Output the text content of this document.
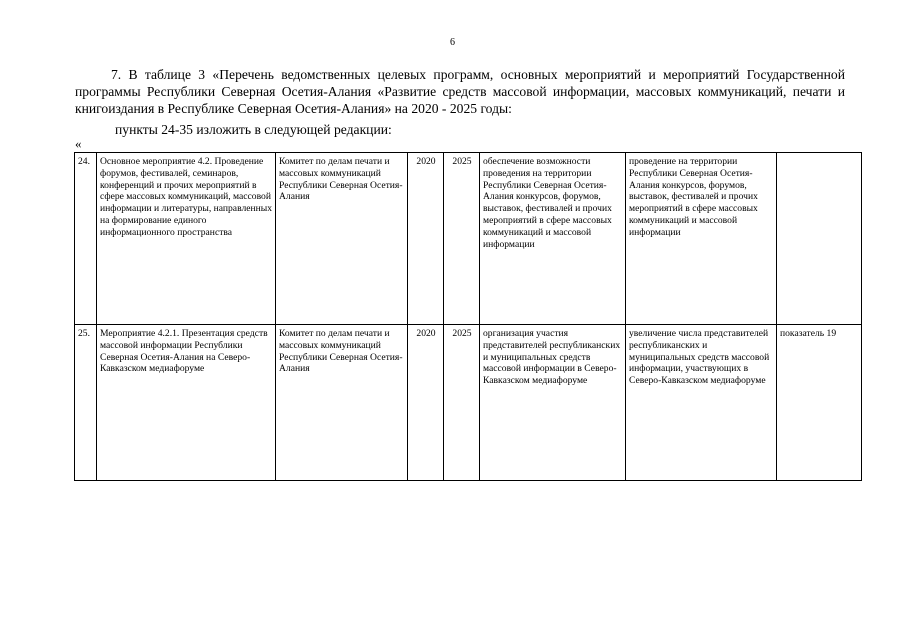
6
7. В таблице 3 «Перечень ведомственных целевых программ, основных мероприятий и мероприятий Государственной программы Республики Северная Осетия-Алания «Развитие средств массовой информации, массовых коммуникаций, печати и книгоиздания в Республике Северная Осетия-Алания» на 2020 - 2025 годы:
пункты 24-35 изложить в следующей редакции:
«
24.	Основное мероприятие 4.2. Проведение форумов, фестивалей, семинаров, конференций и прочих мероприятий в сфере массовых коммуникаций, массовой информации и литературы, направленных на формирование единого информационного пространства	Комитет по делам печати и массовых коммуникаций Республики Северная Осетия-Алания	2020	2025	обеспечение возможности проведения на территории Республики Северная Осетия-Алания конкурсов, форумов, выставок, фестивалей и прочих мероприятий в сфере массовых коммуникаций и массовой информации	проведение на территории Республики Северная Осетия-Алания конкурсов, форумов, выставок, фестивалей и прочих мероприятий в сфере массовых коммуникаций и массовой информации	
25.	Мероприятие 4.2.1. Презентация средств массовой информации Республики Северная Осетия-Алания на Северо-Кавказском медиафоруме	Комитет по делам печати и массовых коммуникаций Республики Северная Осетия-Алания	2020	2025	организация участия представителей республиканских и муниципальных средств массовой информации в Северо-Кавказском медиафоруме	увеличение числа представителей республиканских и муниципальных средств массовой информации, участвующих в Северо-Кавказском медиафоруме	показатель 19
